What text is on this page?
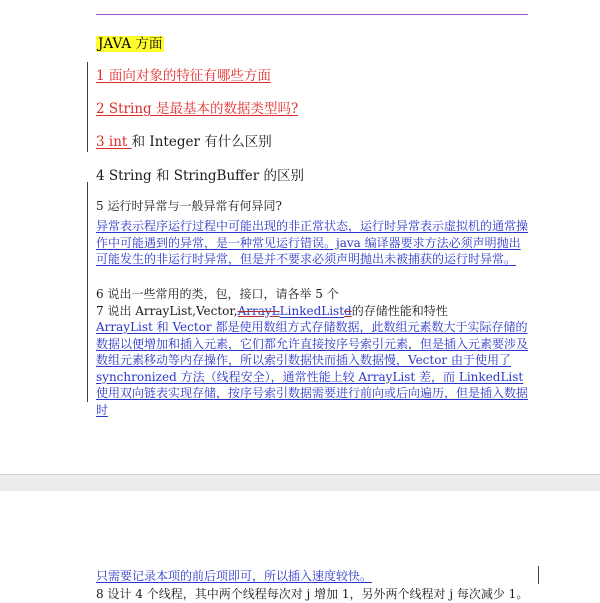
JAVA 方面
1 面向对象的特征有哪些方面
2 String 是最基本的数据类型吗?
3 int 和 Integer 有什么区别
4 String 和 StringBuffer 的区别
5 运行时异常与一般异常有何异同?
异常表示程序运行过程中可能出现的非正常状态，运行时异常表示虚拟机的通常操作中可能遇到的异常，是一种常见运行错误。java 编译器要求方法必须声明抛出可能发生的非运行时异常，但是并不要求必须声明抛出未被捕获的运行时异常。
6 说出一些常用的类，包，接口，请各举 5 个
7 说出 ArrayList,Vector,ArrayLLinkedListd的存储性能和特性
ArrayList 和 Vector 都是使用数组方式存储数据，此数组元素数大于实际存储的数据以便增加和插入元素，它们都允许直接按序号索引元素，但是插入元素要涉及数组元素移动等内存操作，所以索引数据快而插入数据慢，Vector 由于使用了 synchronized 方法（线程安全），通常性能上较 ArrayList 差，而 LinkedList 使用双向链表实现存储，按序号索引数据需要进行前向或后向遍历，但是插入数据时
只需要记录本项的前后项即可，所以插入速度较快。
8 设计 4 个线程，其中两个线程每次对 j 增加 1，另外两个线程对 j 每次减少 1。
